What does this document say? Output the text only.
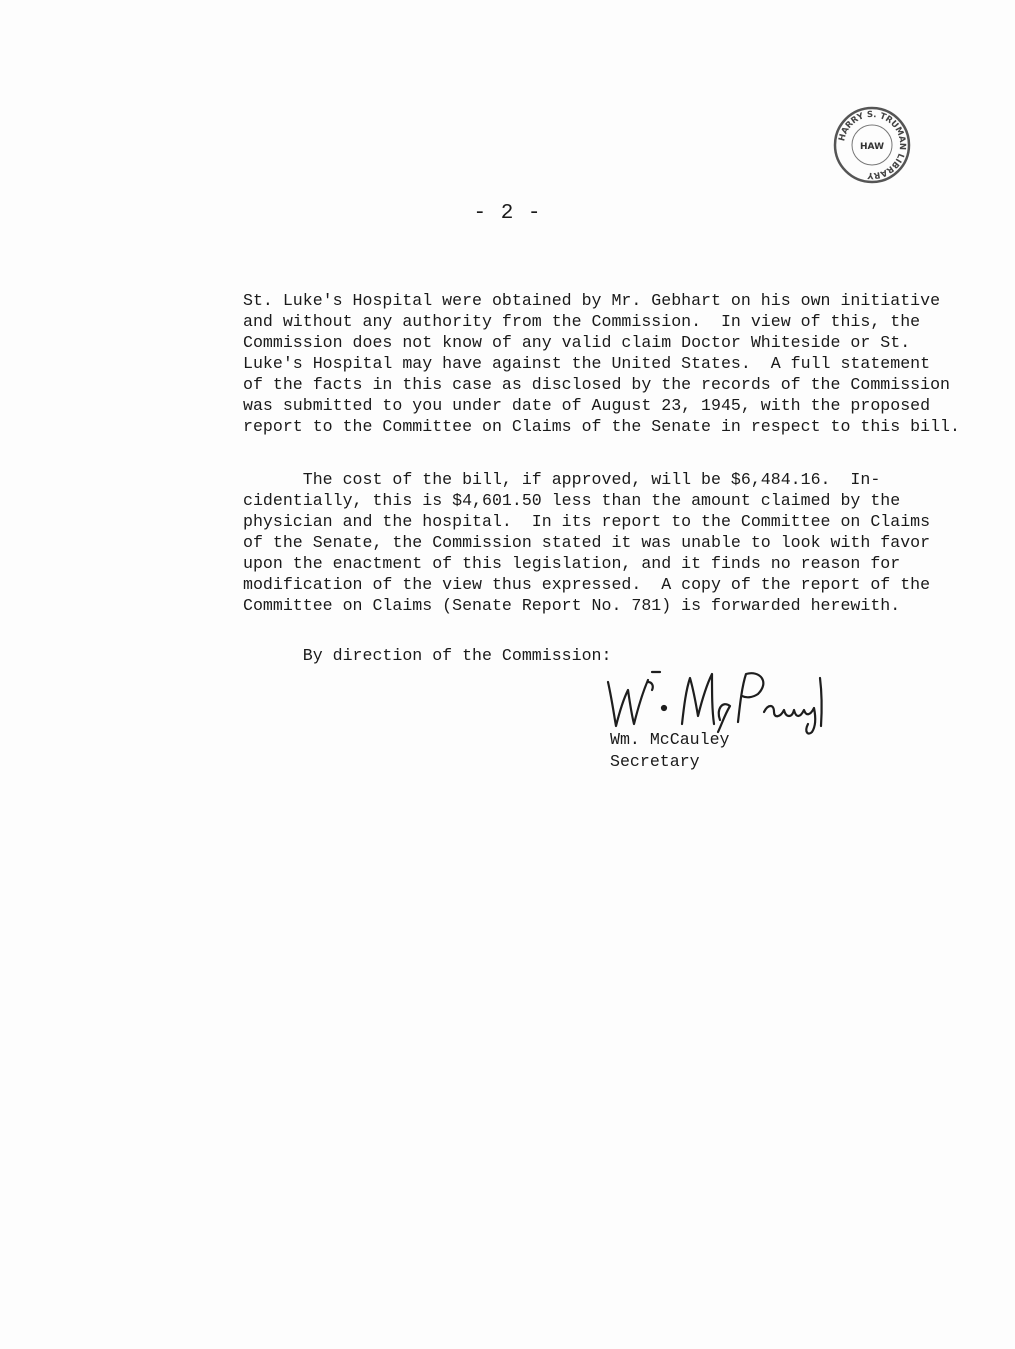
HARRY S. TRUMAN LIBRARY
HAW
- 2 -

St. Luke's Hospital were obtained by Mr. Gebhart on his own initiative
and without any authority from the Commission.  In view of this, the
Commission does not know of any valid claim Doctor Whiteside or St.
Luke's Hospital may have against the United States.  A full statement
of the facts in this case as disclosed by the records of the Commission
was submitted to you under date of August 23, 1945, with the proposed
report to the Committee on Claims of the Senate in respect to this bill.

The cost of the bill, if approved, will be $6,484.16.  In-
cidentially, this is $4,601.50 less than the amount claimed by the
physician and the hospital.  In its report to the Committee on Claims
of the Senate, the Commission stated it was unable to look with favor
upon the enactment of this legislation, and it finds no reason for
modification of the view thus expressed.  A copy of the report of the
Committee on Claims (Senate Report No. 781) is forwarded herewith.

By direction of the Commission:
Wm. McCauley
Secretary
